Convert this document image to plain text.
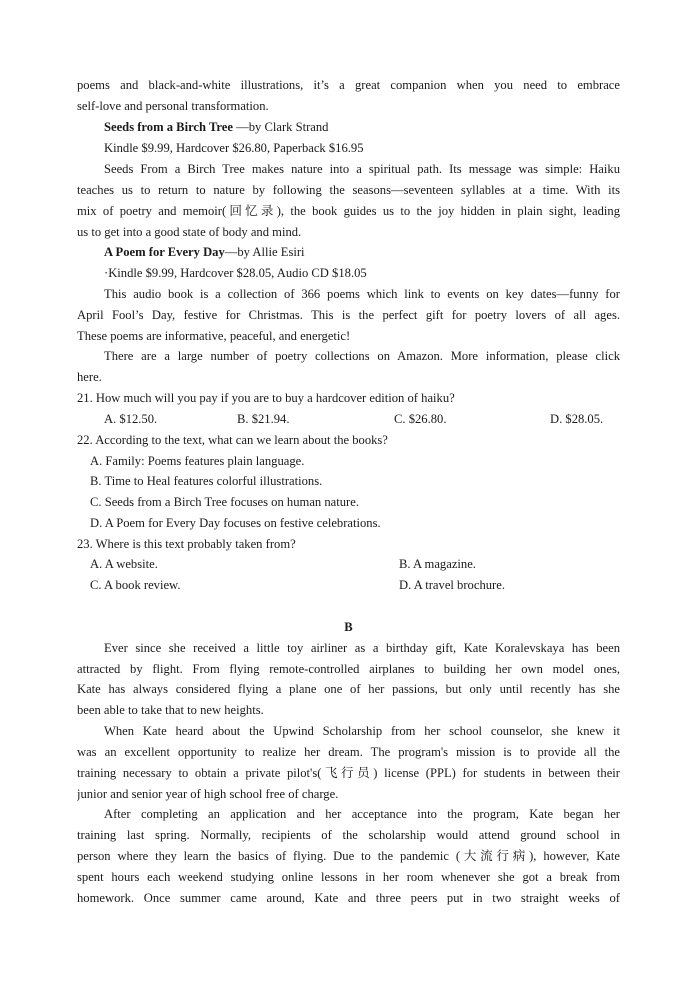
poems and black-and-white illustrations, it’s a great companion when you need to embrace
self-love and personal transformation.
Seeds from a Birch Tree —by Clark Strand
Kindle $9.99, Hardcover $26.80, Paperback $16.95
Seeds From a Birch Tree makes nature into a spiritual path. Its message was simple: Haiku
teaches us to return to nature by following the seasons—seventeen syllables at a time. With its
mix of poetry and memoir(回忆录), the book guides us to the joy hidden in plain sight, leading
us to get into a good state of body and mind.
A Poem for Every Day—by Allie Esiri
·Kindle $9.99, Hardcover $28.05, Audio CD $18.05
This audio book is a collection of 366 poems which link to events on key dates—funny for
April Fool’s Day, festive for Christmas. This is the perfect gift for poetry lovers of all ages.
These poems are informative, peaceful, and energetic!
There are a large number of poetry collections on Amazon. More information, please click
here.
21. How much will you pay if you are to buy a hardcover edition of haiku?
A. $12.50.	B. $21.94.	C. $26.80.	D. $28.05.
22. According to the text, what can we learn about the books?
A. Family: Poems features plain language.
B. Time to Heal features colorful illustrations.
C. Seeds from a Birch Tree focuses on human nature.
D. A Poem for Every Day focuses on festive celebrations.
23. Where is this text probably taken from?
A. A website.	B. A magazine.
C. A book review.	D. A travel brochure.
B
Ever since she received a little toy airliner as a birthday gift, Kate Koralevskaya has been
attracted by flight. From flying remote-controlled airplanes to building her own model ones,
Kate has always considered flying a plane one of her passions, but only until recently has she
been able to take that to new heights.
When Kate heard about the Upwind Scholarship from her school counselor, she knew it
was an excellent opportunity to realize her dream. The program's mission is to provide all the
training necessary to obtain a private pilot's(飞行员) license (PPL) for students in between their
junior and senior year of high school free of charge.
After completing an application and her acceptance into the program, Kate began her
training last spring. Normally, recipients of the scholarship would attend ground school in
person where they learn the basics of flying. Due to the pandemic (大流行病), however, Kate
spent hours each weekend studying online lessons in her room whenever she got a break from
homework. Once summer came around, Kate and three peers put in two straight weeks of
